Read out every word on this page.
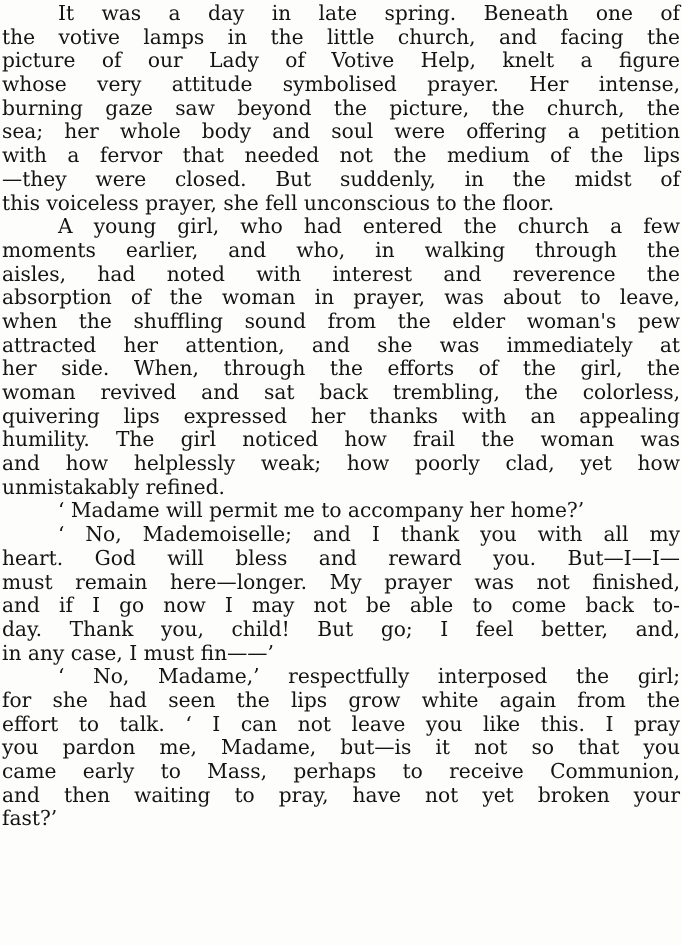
It was a day in late spring. Beneath one of
the votive lamps in the little church, and facing the
picture of our Lady of Votive Help, knelt a figure
whose very attitude symbolised prayer. Her intense,
burning gaze saw beyond the picture, the church, the
sea; her whole body and soul were offering a petition
with a fervor that needed not the medium of the lips
—they were closed. But suddenly, in the midst of
this voiceless prayer, she fell unconscious to the floor.

A young girl, who had entered the church a few
moments earlier, and who, in walking through the
aisles, had noted with interest and reverence the
absorption of the woman in prayer, was about to leave,
when the shuffling sound from the elder woman's pew
attracted her attention, and she was immediately at
her side. When, through the efforts of the girl, the
woman revived and sat back trembling, the colorless,
quivering lips expressed her thanks with an appealing
humility. The girl noticed how frail the woman was
and how helplessly weak; how poorly clad, yet how
unmistakably refined.

‘ Madame will permit me to accompany her home?’

‘ No, Mademoiselle; and I thank you with all my
heart. God will bless and reward you. But—I—I—
must remain here—longer. My prayer was not finished,
and if I go now I may not be able to come back to-
day. Thank you, child! But go; I feel better, and,
in any case, I must fin——’

‘ No, Madame,’ respectfully interposed the girl;
for she had seen the lips grow white again from the
effort to talk. ‘ I can not leave you like this. I pray
you pardon me, Madame, but—is it not so that you
came early to Mass, perhaps to receive Communion,
and then waiting to pray, have not yet broken your
fast?’
